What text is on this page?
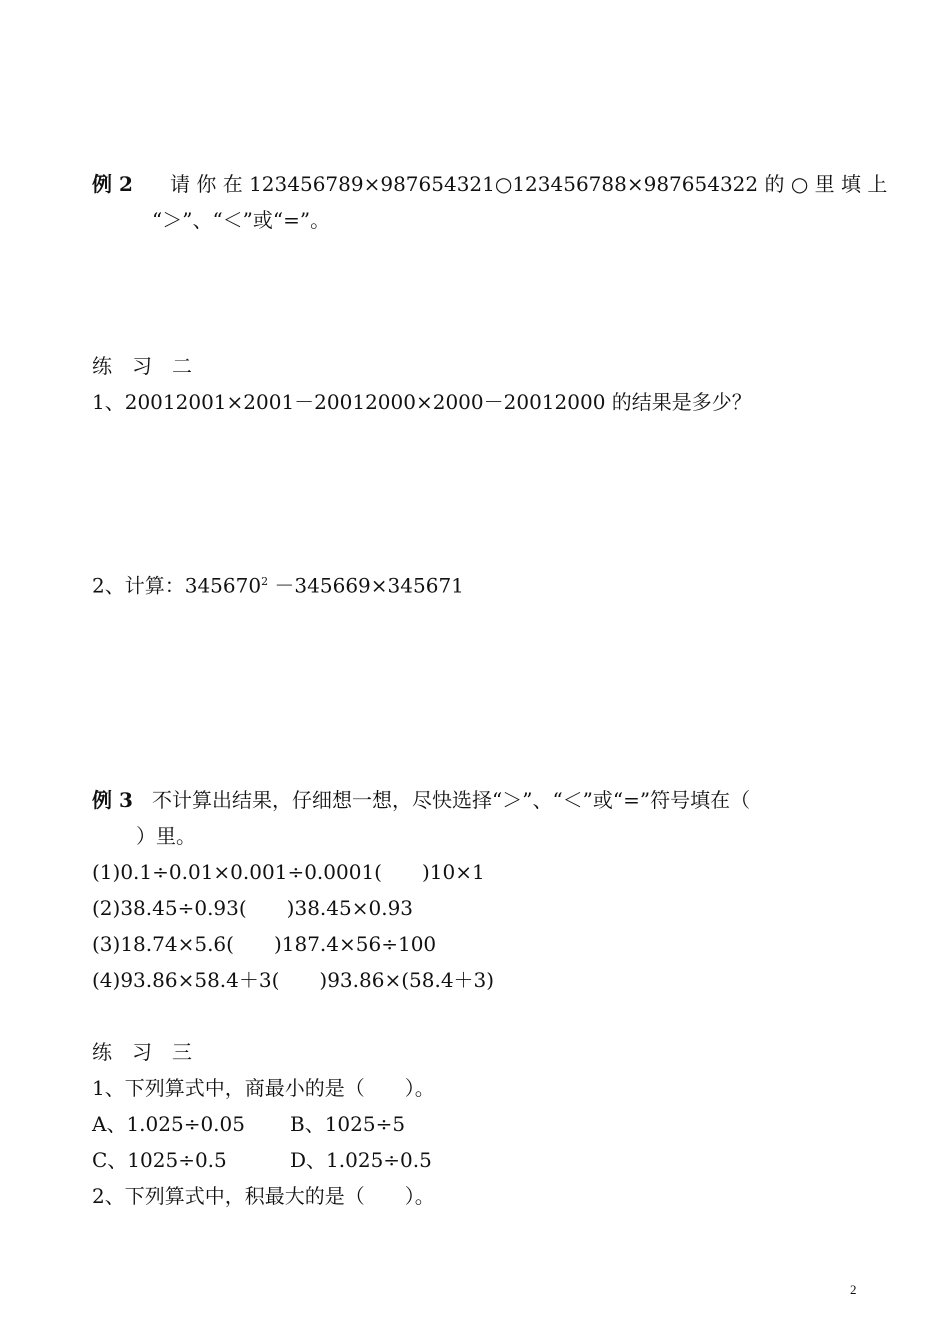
例 2 请 你 在 123456789×987654321○123456788×987654322 的 ○ 里 填 上
“＞”、“＜”或“=”。
练　习　二
1、20012001×2001－20012000×2000－20012000 的结果是多少？
2、计算：$345670^2 -345669\times 345671$
例 3 不计算出结果，仔细想一想，尽快选择“＞”、“＜”或“=”符号填在（
）里。
(1)0.1÷0.01×0.001÷0.0001(　　)10×1
(2)38.45÷0.93(　　)38.45×0.93
(3)18.74×5.6(　　)187.4×56÷100
(4)93.86×58.4＋3(　　)93.86×(58.4＋3)
练　习　三
1、下列算式中，商最小的是（　　）。
A、1.025÷0.05 B、1025÷5
C、1025÷0.5	D、1.025÷0.5
2、下列算式中，积最大的是（　　）。
2
